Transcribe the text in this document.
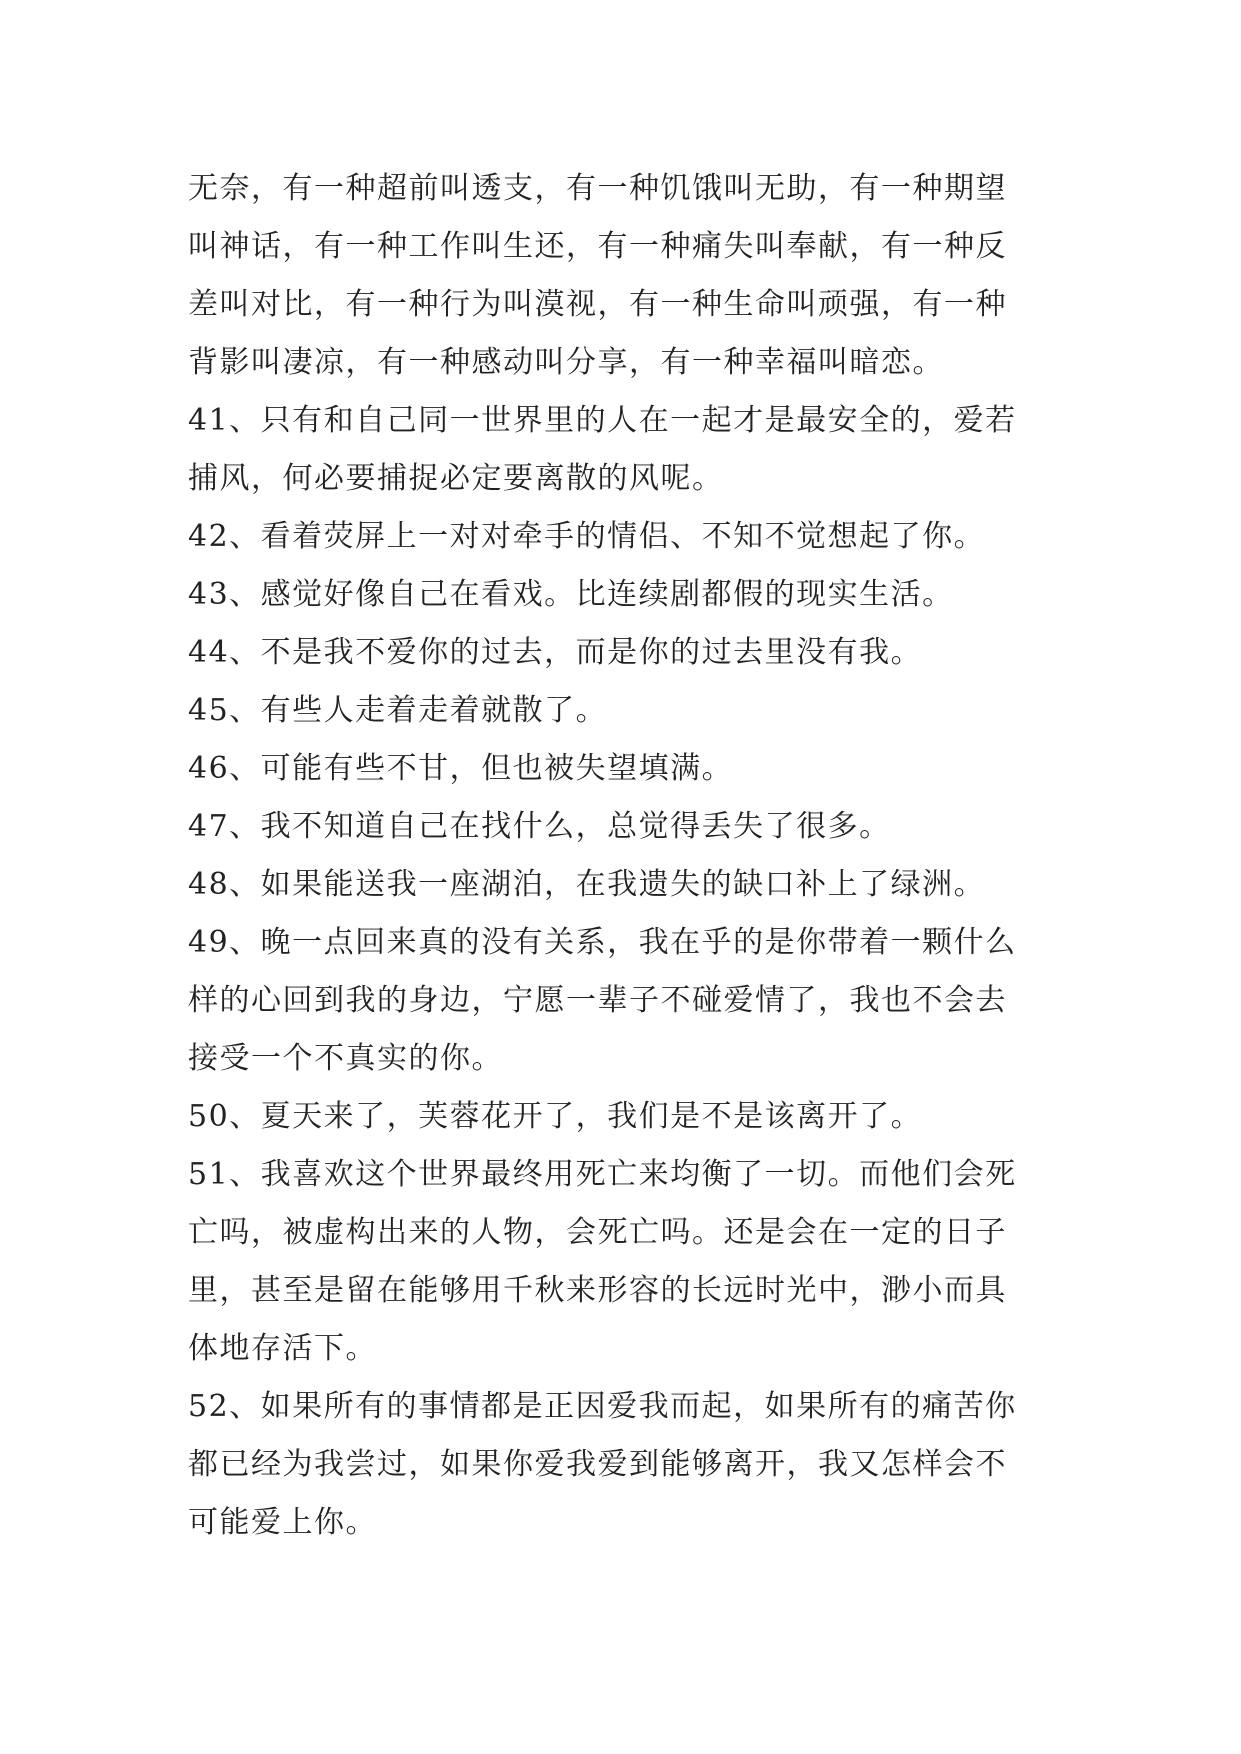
无奈，有一种超前叫透支，有一种饥饿叫无助，有一种期望
叫神话，有一种工作叫生还，有一种痛失叫奉献，有一种反
差叫对比，有一种行为叫漠视，有一种生命叫顽强，有一种
背影叫凄凉，有一种感动叫分享，有一种幸福叫暗恋。
41、只有和自己同一世界里的人在一起才是最安全的，爱若
捕风，何必要捕捉必定要离散的风呢。
42、看着荧屏上一对对牵手的情侣、不知不觉想起了你。
43、感觉好像自己在看戏。比连续剧都假的现实生活。
44、不是我不爱你的过去，而是你的过去里没有我。
45、有些人走着走着就散了。
46、可能有些不甘，但也被失望填满。
47、我不知道自己在找什么，总觉得丢失了很多。
48、如果能送我一座湖泊，在我遗失的缺口补上了绿洲。
49、晚一点回来真的没有关系，我在乎的是你带着一颗什么
样的心回到我的身边，宁愿一辈子不碰爱情了，我也不会去
接受一个不真实的你。
50、夏天来了，芙蓉花开了，我们是不是该离开了。
51、我喜欢这个世界最终用死亡来均衡了一切。而他们会死
亡吗，被虚构出来的人物，会死亡吗。还是会在一定的日子
里，甚至是留在能够用千秋来形容的长远时光中，渺小而具
体地存活下。
52、如果所有的事情都是正因爱我而起，如果所有的痛苦你
都已经为我尝过，如果你爱我爱到能够离开，我又怎样会不
可能爱上你。
